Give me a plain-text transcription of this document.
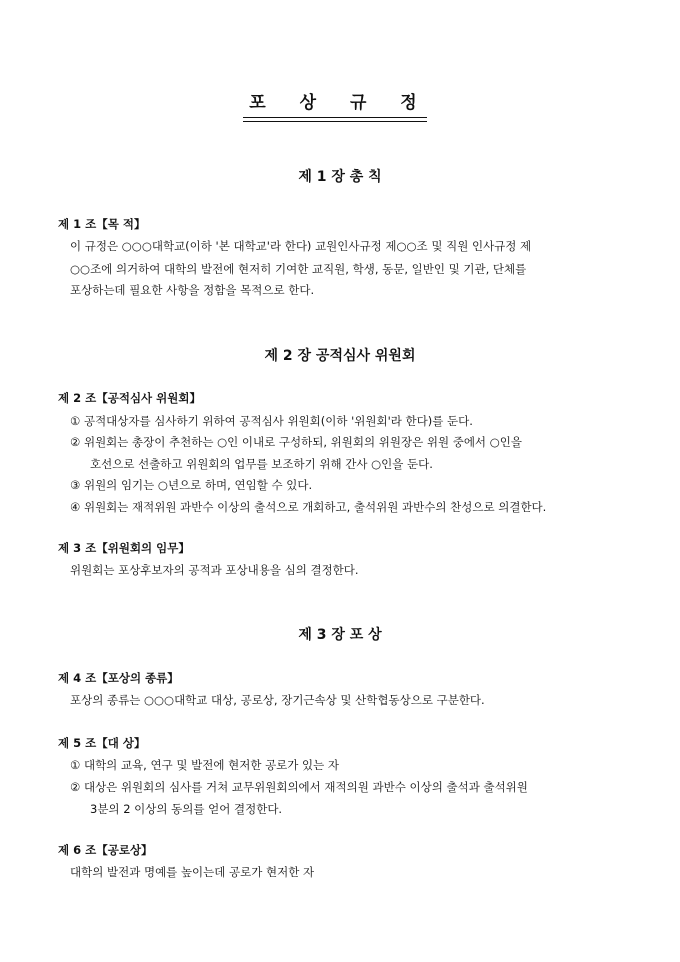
포 상 규 정
제 1 장 총 칙
제 1 조【목 적】
이 규정은 ○○○대학교(이하 '본 대학교'라 한다) 교원인사규정 제○○조 및 직원 인사규정 제
○○조에 의거하여 대학의 발전에 현저히 기여한 교직원, 학생, 동문, 일반인 및 기관, 단체를
포상하는데 필요한 사항을 정함을 목적으로 한다.
제 2 장 공적심사 위원회
제 2 조【공적심사 위원회】
① 공적대상자를 심사하기 위하여 공적심사 위원회(이하 '위원회'라 한다)를 둔다.
② 위원회는 총장이 추천하는 ○인 이내로 구성하되, 위원회의 위원장은 위원 중에서 ○인을
호선으로 선출하고 위원회의 업무를 보조하기 위해 간사 ○인을 둔다.
③ 위원의 임기는 ○년으로 하며, 연임할 수 있다.
④ 위원회는 재적위원 과반수 이상의 출석으로 개회하고, 출석위원 과반수의 찬성으로 의결한다.
제 3 조【위원회의 임무】
위원회는 포상후보자의 공적과 포상내용을 심의 결정한다.
제 3 장 포 상
제 4 조【포상의 종류】
포상의 종류는 ○○○대학교 대상, 공로상, 장기근속상 및 산학협동상으로 구분한다.
제 5 조【대 상】
① 대학의 교육, 연구 및 발전에 현저한 공로가 있는 자
② 대상은 위원회의 심사를 거쳐 교무위원회의에서 재적의원 과반수 이상의 출석과 출석위원
3분의 2 이상의 동의를 얻어 결정한다.
제 6 조【공로상】
대학의 발전과 명예를 높이는데 공로가 현저한 자
